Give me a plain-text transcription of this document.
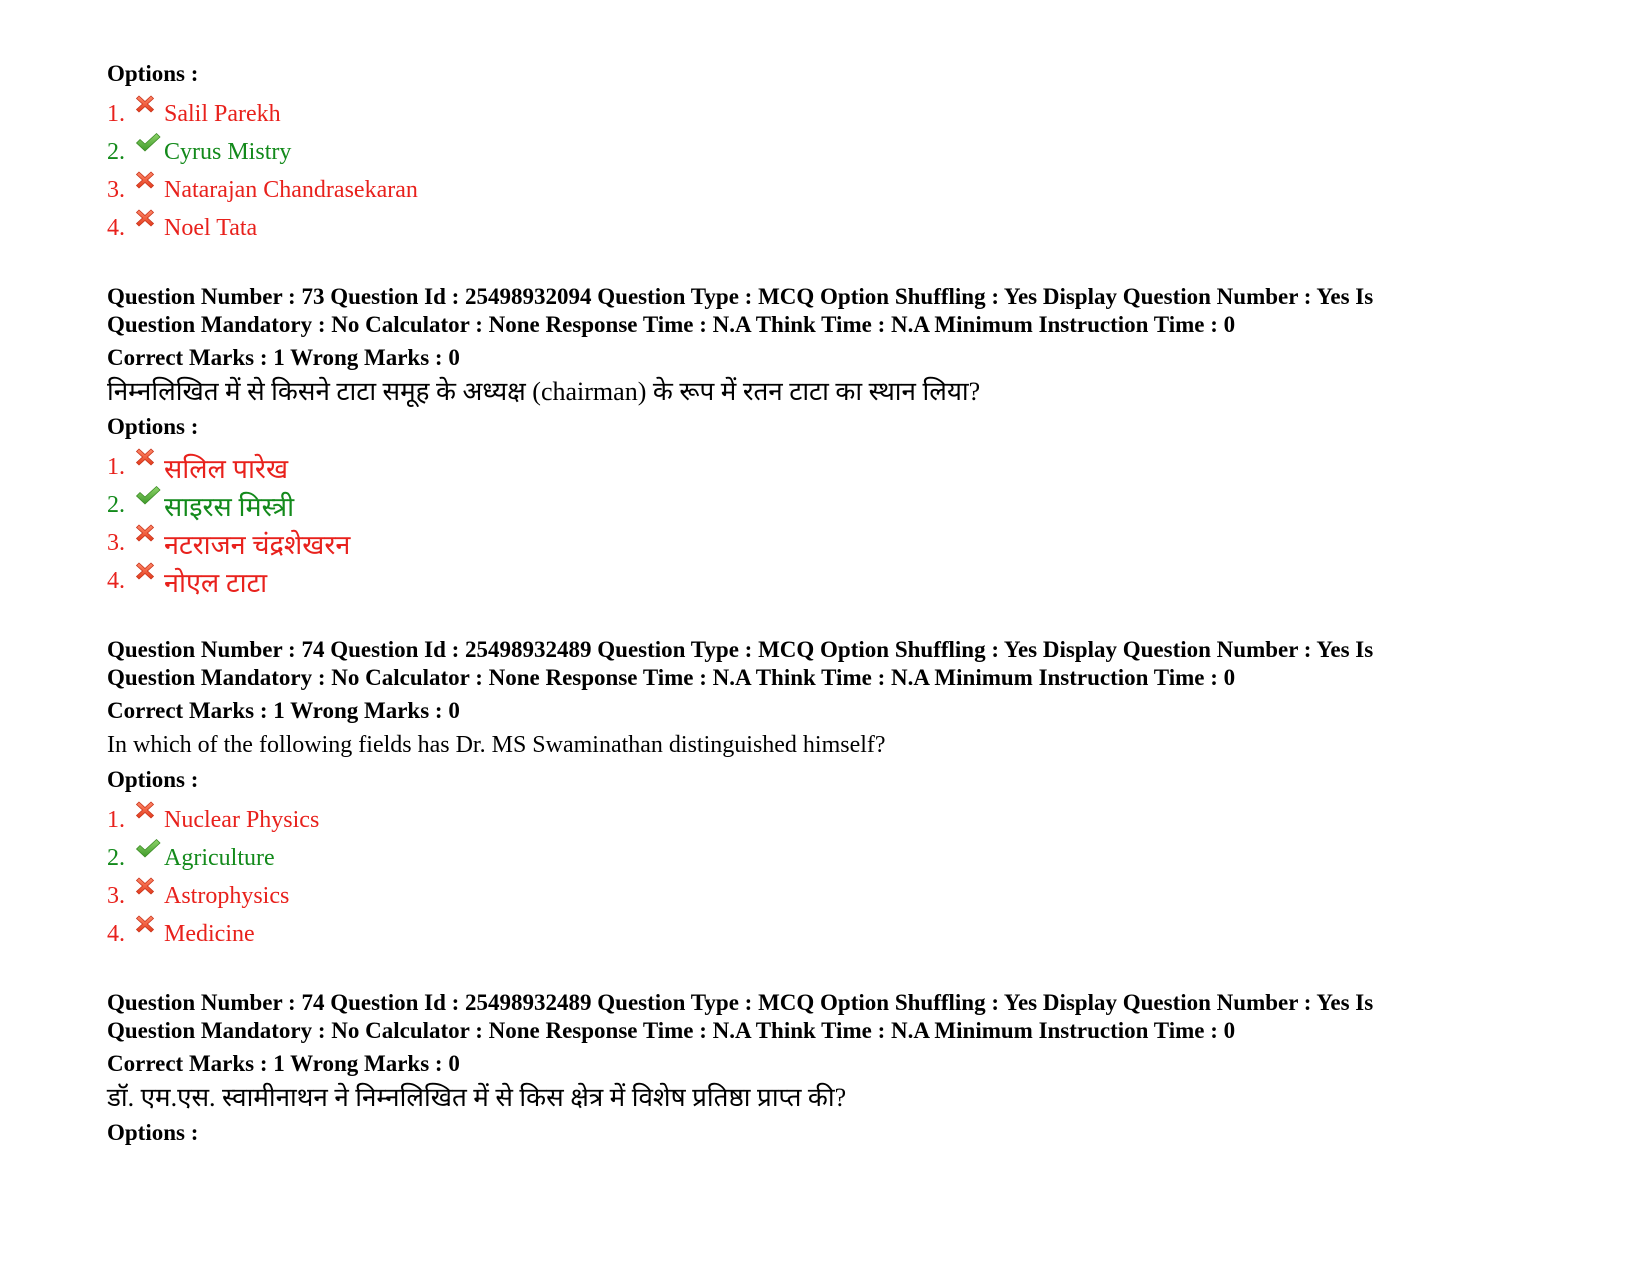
Options :

1.	Salil Parekh
2.	Cyrus Mistry
3.	Natarajan Chandrasekaran
4.	Noel Tata

Question Number : 73 Question Id : 25498932094 Question Type : MCQ Option Shuffling : Yes Display Question Number : Yes Is
Question Mandatory : No Calculator : None Response Time : N.A Think Time : N.A Minimum Instruction Time : 0

Correct Marks : 1 Wrong Marks : 0

निम्नलिखित में से किसने टाटा समूह के अध्यक्ष (chairman) के रूप में रतन टाटा का स्थान लिया?

Options :

1.	सलिल पारेख
2.	साइरस मिस्त्री
3.	नटराजन चंद्रशेखरन
4.	नोएल टाटा

Question Number : 74 Question Id : 25498932489 Question Type : MCQ Option Shuffling : Yes Display Question Number : Yes Is
Question Mandatory : No Calculator : None Response Time : N.A Think Time : N.A Minimum Instruction Time : 0

Correct Marks : 1 Wrong Marks : 0

In which of the following fields has Dr. MS Swaminathan distinguished himself?

Options :

1.	Nuclear Physics
2.	Agriculture
3.	Astrophysics
4.	Medicine

Question Number : 74 Question Id : 25498932489 Question Type : MCQ Option Shuffling : Yes Display Question Number : Yes Is
Question Mandatory : No Calculator : None Response Time : N.A Think Time : N.A Minimum Instruction Time : 0

Correct Marks : 1 Wrong Marks : 0

डॉ. एम.एस. स्वामीनाथन ने निम्नलिखित में से किस क्षेत्र में विशेष प्रतिष्ठा प्राप्त की?

Options :
